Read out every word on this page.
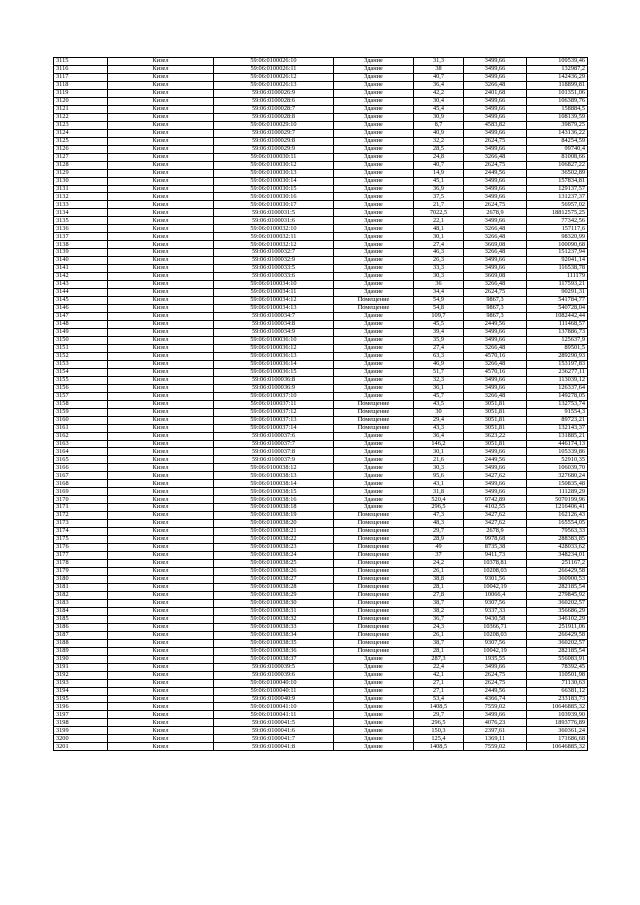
3115	Кизел	59:06:0100026:10	Здание	31,3	3499,66	109539,46
3116	Кизел	59:06:0100026:11	Здание	38	3499,66	132987,2
3117	Кизел	59:06:0100026:12	Здание	40,7	3499,66	142436,29
3118	Кизел	59:06:0100026:13	Здание	36,4	3266,48	118899,81
3119	Кизел	59:06:0100026:9	Здание	42,2	2401,68	101351,06
3120	Кизел	59:06:0100028:6	Здание	30,4	3499,66	106389,76
3121	Кизел	59:06:0100028:7	Здание	45,4	3499,66	158884,5
3122	Кизел	59:06:0100028:8	Здание	30,9	3499,66	108139,59
3123	Кизел	59:06:0100029:10	Здание	8,7	4583,82	39879,25
3124	Кизел	59:06:0100029:7	Здание	40,9	3499,66	143136,22
3125	Кизел	59:06:0100029:8	Здание	32,2	2624,75	84254,59
3126	Кизел	59:06:0100029:9	Здание	28,5	3499,66	99740,4
3127	Кизел	59:06:0100030:11	Здание	24,8	3266,48	81008,66
3128	Кизел	59:06:0100030:12	Здание	40,7	2624,75	106827,22
3129	Кизел	59:06:0100030:13	Здание	14,9	2449,56	36502,89
3130	Кизел	59:06:0100030:14	Здание	45,1	3499,66	157834,81
3131	Кизел	59:06:0100030:15	Здание	36,9	3499,66	129137,57
3132	Кизел	59:06:0100030:16	Здание	37,5	3499,66	131237,37
3133	Кизел	59:06:0100030:17	Здание	21,7	2624,75	56957,02
3134	Кизел	59:06:0100031:5	Здание	7022,5	2678,9	18812575,25
3135	Кизел	59:06:0100031:6	Здание	22,1	3499,66	77342,56
3136	Кизел	59:06:0100032:10	Здание	48,1	3266,48	157117,6
3137	Кизел	59:06:0100032:11	Здание	30,1	3266,48	98320,99
3138	Кизел	59:06:0100032:12	Здание	27,4	3669,08	100090,68
3139	Кизел	59:06:0100032:7	Здание	46,3	3266,48	151237,94
3140	Кизел	59:06:0100032:9	Здание	26,3	3499,66	92041,14
3141	Кизел	59:06:0100033:5	Здание	33,3	3499,66	116538,78
3142	Кизел	59:06:0100033:6	Здание	30,3	3669,08	111179
3143	Кизел	59:06:0100034:10	Здание	36	3266,48	117593,21
3144	Кизел	59:06:0100034:11	Здание	34,4	2624,75	90291,31
3145	Кизел	59:06:0100034:12	Помещение	54,9	9867,3	541784,77
3146	Кизел	59:06:0100034:13	Помещение	54,8	9867,3	540728,04
3147	Кизел	59:06:0100034:7	Здание	109,7	9867,3	1082442,44
3148	Кизел	59:06:0100034:8	Здание	45,5	2449,56	111468,57
3149	Кизел	59:06:0100034:9	Здание	39,4	3499,66	137886,73
3150	Кизел	59:06:0100036:10	Здание	35,9	3499,66	125637,9
3151	Кизел	59:06:0100036:12	Здание	27,4	3266,48	89501,5
3152	Кизел	59:06:0100036:13	Здание	63,3	4570,16	289290,93
3153	Кизел	59:06:0100036:14	Здание	46,9	3266,48	153197,83
3154	Кизел	59:06:0100036:15	Здание	51,7	4570,16	236277,11
3155	Кизел	59:06:0100036:8	Здание	32,3	3499,66	113039,12
3156	Кизел	59:06:0100036:9	Здание	36,1	3499,66	126337,64
3157	Кизел	59:06:0100037:10	Здание	45,7	3266,48	149278,05
3158	Кизел	59:06:0100037:11	Помещение	43,5	3051,81	132753,74
3159	Кизел	59:06:0100037:12	Помещение	30	3051,81	91554,3
3160	Кизел	59:06:0100037:13	Помещение	29,4	3051,81	89723,21
3161	Кизел	59:06:0100037:14	Помещение	43,3	3051,81	132143,37
3162	Кизел	59:06:0100037:6	Здание	36,4	3623,22	131885,21
3163	Кизел	59:06:0100037:7	Здание	146,2	3051,81	446174,13
3164	Кизел	59:06:0100037:8	Здание	30,1	3499,66	105339,86
3165	Кизел	59:06:0100037:9	Здание	21,6	2449,56	52910,35
3166	Кизел	59:06:0100038:12	Здание	30,3	3499,66	106039,70
3167	Кизел	59:06:0100038:13	Здание	95,6	3427,62	327680,24
3168	Кизел	59:06:0100038:14	Здание	43,1	3499,66	150835,48
3169	Кизел	59:06:0100038:15	Здание	31,8	3499,66	111289,29
3170	Кизел	59:06:0100038:16	Здание	520,4	9742,89	5070199,96
3171	Кизел	59:06:0100038:18	Здание	296,5	4102,55	1216406,41
3172	Кизел	59:06:0100038:19	Помещение	47,3	3427,62	162126,43
3173	Кизел	59:06:0100038:20	Помещение	48,3	3427,62	165554,05
3174	Кизел	59:06:0100038:21	Помещение	29,7	2678,9	79563,33
3175	Кизел	59:06:0100038:22	Помещение	28,9	9978,68	288383,85
3176	Кизел	59:06:0100038:23	Помещение	49	8735,38	428033,62
3177	Кизел	59:06:0100038:24	Помещение	37	9411,73	348234,01
3178	Кизел	59:06:0100038:25	Помещение	24,2	10378,81	251167,2
3179	Кизел	59:06:0100038:26	Помещение	26,1	10208,03	266429,58
3180	Кизел	59:06:0100038:27	Помещение	38,8	9301,56	360900,53
3181	Кизел	59:06:0100038:28	Помещение	28,1	10042,19	282185,54
3182	Кизел	59:06:0100038:29	Помещение	27,8	10066,4	279845,92
3183	Кизел	59:06:0100038:30	Помещение	38,7	9307,56	360202,57
3184	Кизел	59:06:0100038:31	Помещение	38,2	9337,33	356686,29
3185	Кизел	59:06:0100038:32	Помещение	36,7	9430,58	346102,29
3186	Кизел	59:06:0100038:33	Помещение	24,3	10366,71	251911,06
3187	Кизел	59:06:0100038:34	Помещение	26,1	10208,03	266429,58
3188	Кизел	59:06:0100038:35	Помещение	38,7	9307,56	360202,57
3189	Кизел	59:06:0100038:36	Помещение	28,1	10042,19	282185,54
3190	Кизел	59:06:0100038:37	Здание	287,3	1935,55	556083,91
3191	Кизел	59:06:0100039:5	Здание	22,4	3499,66	78392,45
3192	Кизел	59:06:0100039:6	Здание	42,1	2624,75	110501,98
3193	Кизел	59:06:0100040:10	Здание	27,1	2624,75	71130,63
3194	Кизел	59:06:0100040:11	Здание	27,1	2449,56	66381,12
3195	Кизел	59:06:0100040:9	Здание	53,4	4366,74	233183,73
3196	Кизел	59:06:0100041:10	Здание	1408,5	7559,02	10646885,32
3197	Кизел	59:06:0100041:11	Здание	29,7	3499,66	103939,90
3198	Кизел	59:06:0100041:5	Здание	296,5	4076,23	1893776,89
3199	Кизел	59:06:0100041:6	Здание	150,3	2397,61	360361,24
3200	Кизел	59:06:0100041:7	Здание	125,4	1369,11	171686,68
3201	Кизел	59:06:0100041:8	Здание	1408,5	7559,02	10646885,32
